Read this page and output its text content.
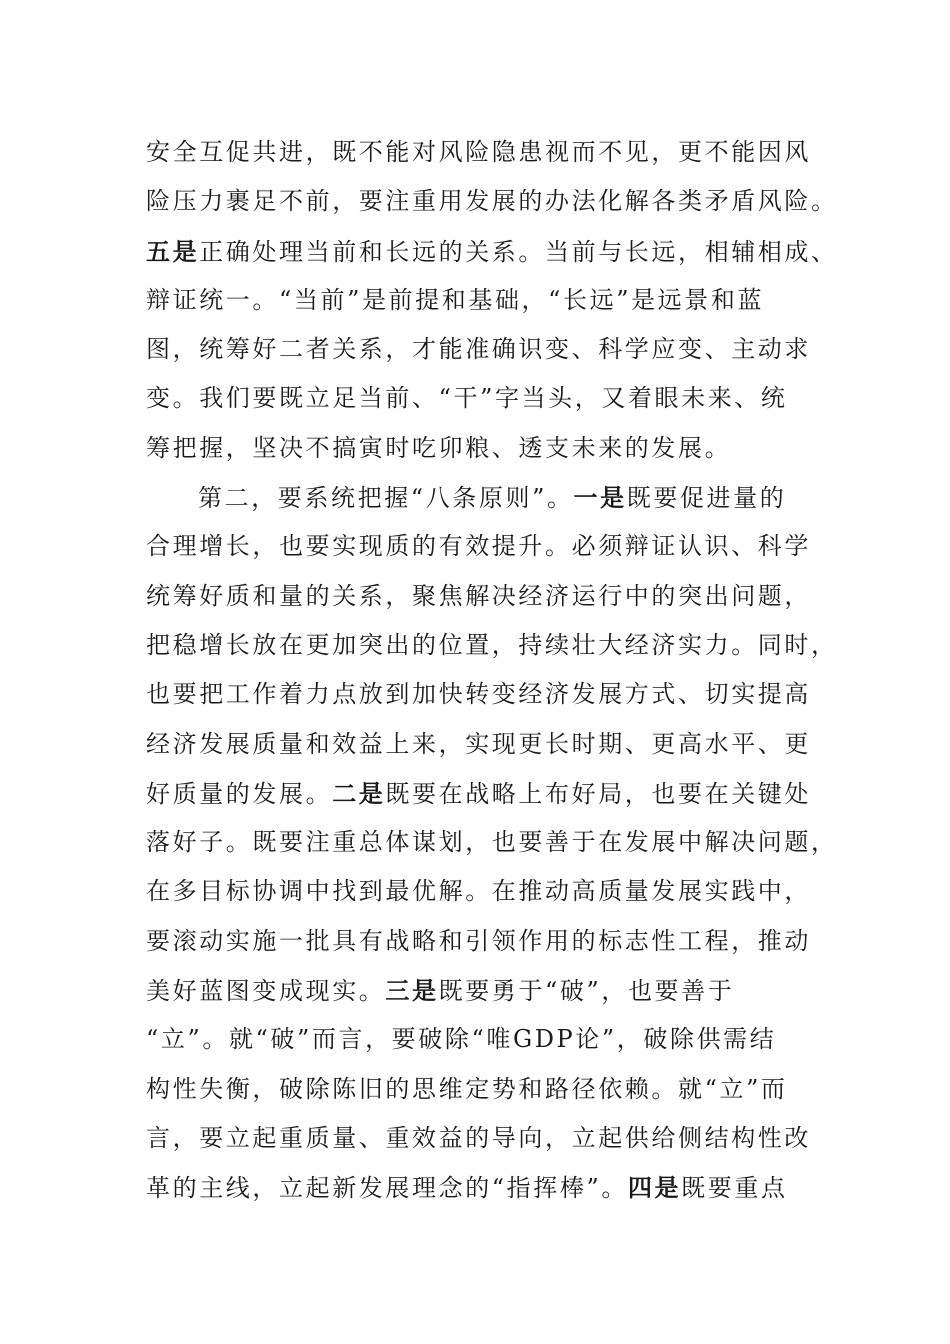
安全互促共进，既不能对风险隐患视而不见，更不能因风
险压力裹足不前，要注重用发展的办法化解各类矛盾风险。
五是正确处理当前和长远的关系。当前与长远，相辅相成、
辩证统一。“当前”是前提和基础，“长远”是远景和蓝
图，统筹好二者关系，才能准确识变、科学应变、主动求
变。我们要既立足当前、“干”字当头，又着眼未来、统
筹把握，坚决不搞寅时吃卯粮、透支未来的发展。
第二，要系统把握“八条原则”。一是既要促进量的
合理增长，也要实现质的有效提升。必须辩证认识、科学
统筹好质和量的关系，聚焦解决经济运行中的突出问题，
把稳增长放在更加突出的位置，持续壮大经济实力。同时，
也要把工作着力点放到加快转变经济发展方式、切实提高
经济发展质量和效益上来，实现更长时期、更高水平、更
好质量的发展。二是既要在战略上布好局，也要在关键处
落好子。既要注重总体谋划，也要善于在发展中解决问题，
在多目标协调中找到最优解。在推动高质量发展实践中，
要滚动实施一批具有战略和引领作用的标志性工程，推动
美好蓝图变成现实。三是既要勇于“破”，也要善于
“立”。就“破”而言，要破除“唯GDP论”，破除供需结
构性失衡，破除陈旧的思维定势和路径依赖。就“立”而
言，要立起重质量、重效益的导向，立起供给侧结构性改
革的主线，立起新发展理念的“指挥棒”。四是既要重点
